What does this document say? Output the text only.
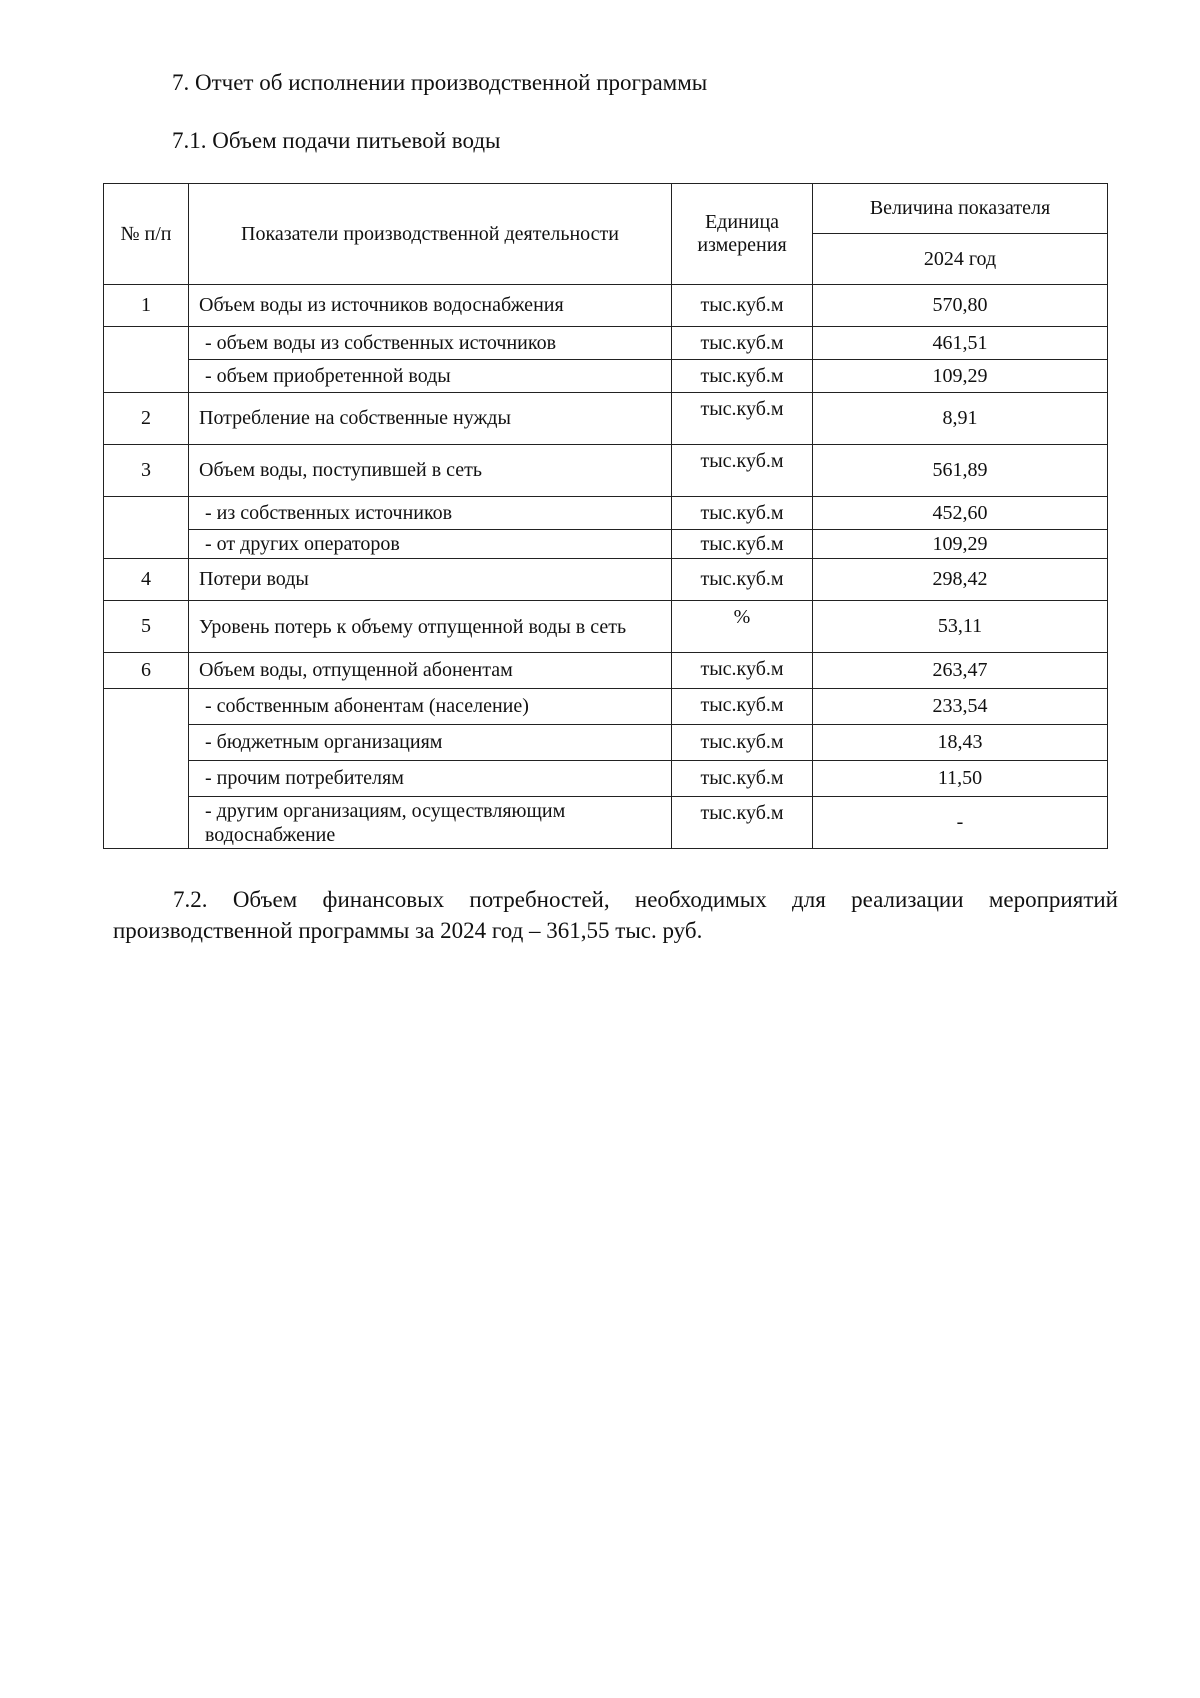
7. Отчет об исполнении производственной программы
7.1. Объем подачи питьевой воды
№ п/п	Показатели производственной деятельности	Единица измерения	Величина показателя
			2024 год
1	Объем воды из источников водоснабжения	тыс.куб.м	570,80
	- объем воды из собственных источников	тыс.куб.м	461,51
	- объем приобретенной воды	тыс.куб.м	109,29
2	Потребление на собственные нужды	тыс.куб.м	8,91
3	Объем воды, поступившей в сеть	тыс.куб.м	561,89
	- из собственных источников	тыс.куб.м	452,60
	- от других операторов	тыс.куб.м	109,29
4	Потери воды	тыс.куб.м	298,42
5	Уровень потерь к объему отпущенной воды в сеть	%	53,11
6	Объем воды, отпущенной абонентам	тыс.куб.м	263,47
	- собственным абонентам (население)	тыс.куб.м	233,54
	- бюджетным организациям	тыс.куб.м	18,43
	- прочим потребителям	тыс.куб.м	11,50
	- другим организациям, осуществляющим водоснабжение	тыс.куб.м	-
7.2. Объем финансовых потребностей, необходимых для реализации мероприятий производственной программы за 2024 год – 361,55 тыс. руб.
